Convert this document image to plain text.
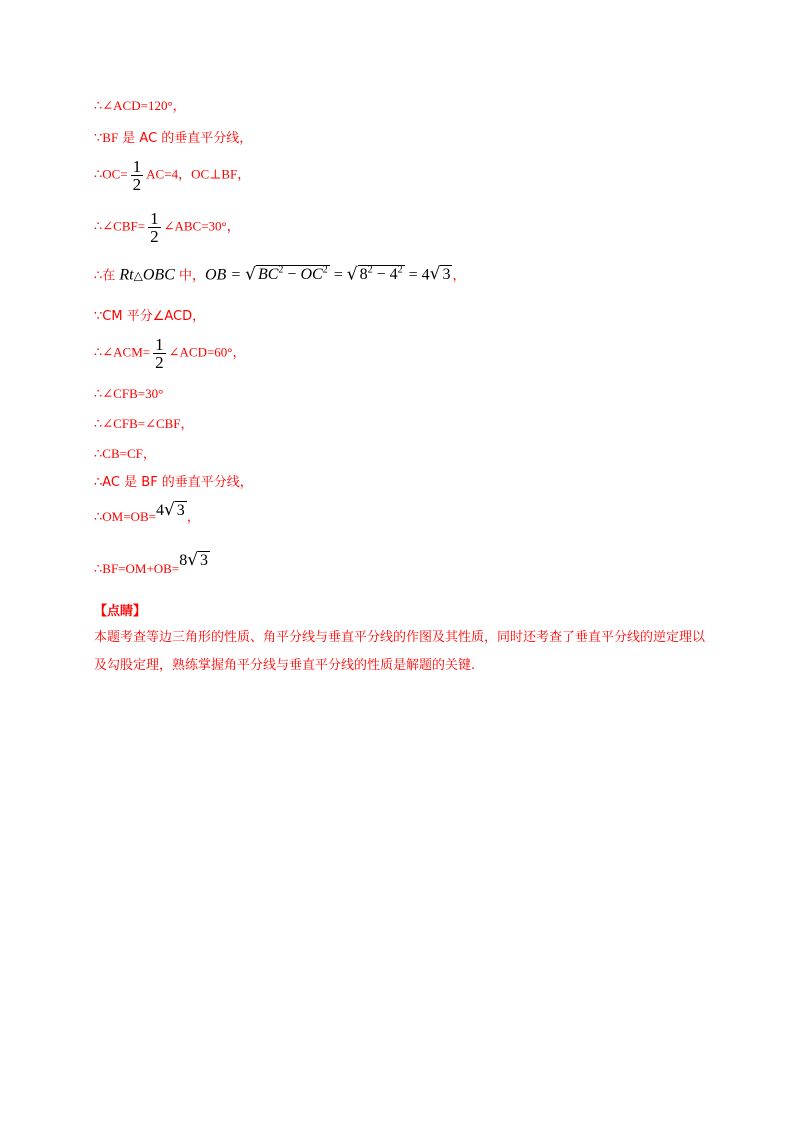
∴∠ACD=120°，
∵BF 是 AC 的垂直平分线，
∴OC= $\frac{1}{2} AC=4$，OC⊥BF，
∴∠CBF= $\frac{1}{2}$ ∠ABC=30°，
∴在 Rt△OBC 中，OB = √ $BC^2 - OC^2$ = √ $8^2 - 4^2 = 4√$ 3 ，
∵CM 平分∠ACD，
∴∠ACM= $\frac{1}{2}$ ∠ACD=60°，
∴∠CFB=30°
∴∠CFB=∠CBF，
∴CB=CF，
∴AC 是 BF 的垂直平分线，
∴OM=OB=4√ 3 ，
∴BF=OM+OB=8√ 3
【点睛】
本题考查等边三角形的性质、角平分线与垂直平分线的作图及其性质，同时还考查了垂直平分线的逆定理以及勾股定理，熟练掌握角平分线与垂直平分线的性质是解题的关键.
